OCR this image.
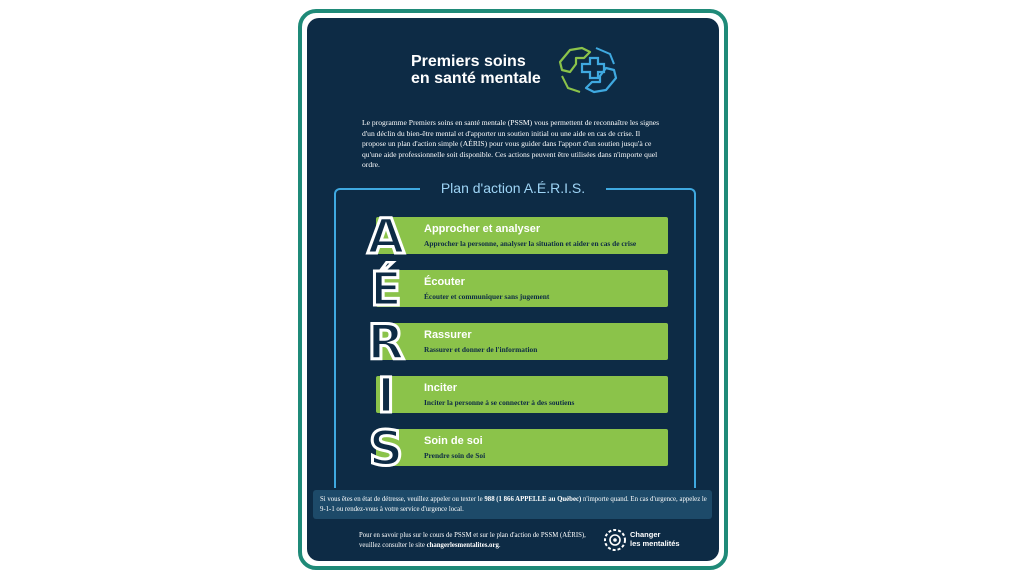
Premiers soins
en santé mentale
Le programme Premiers soins en santé mentale (PSSM) vous permettent de reconnaître les signes d'un déclin du bien-être mental et d'apporter un soutien initial ou une aide en cas de crise. Il propose un plan d'action simple (AÉRIS) pour vous guider dans l'apport d'un soutien jusqu'à ce qu'une aide professionnelle soit disponible. Ces actions peuvent être utilisées dans n'importe quel ordre.
Plan d'action A.É.R.I.S.
Approcher et analyser
Approcher la personne, analyser la situation et aider en cas de crise
Écouter
Écouter et communiquer sans jugement
Rassurer
Rassurer et donner de l'information
Inciter
Inciter la personne à se connecter à des soutiens
Soin de soi
Prendre soin de Soi
A
É
R
I
S

Si vous êtes en état de détresse, veuillez appeler ou texter le 988 (1 866 APPELLE au Québec) n'importe quand. En cas d'urgence, appelez le 9-1-1 ou rendez-vous à votre service d'urgence local.

Pour en savoir plus sur le cours de PSSM et sur le plan d'action de PSSM (AÉRIS), veuillez consulter le site changerlesmentalites.org.
Changer
les mentalités
